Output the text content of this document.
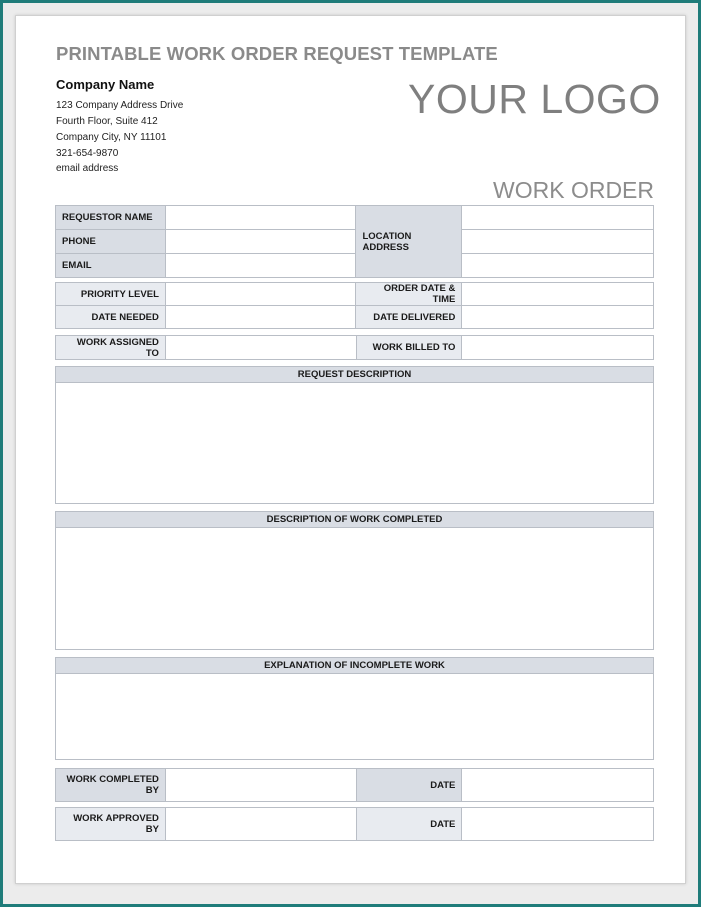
PRINTABLE WORK ORDER REQUEST TEMPLATE
Company Name
123 Company Address Drive
Fourth Floor, Suite 412
Company City, NY 11101
321-654-9870
email address
YOUR LOGO
WORK ORDER
REQUESTOR NAME		LOCATION ADDRESS	
PHONE			
EMAIL			
PRIORITY LEVEL		ORDER DATE & TIME	
DATE NEEDED		DATE DELIVERED	
WORK ASSIGNED TO		WORK BILLED TO	
REQUEST DESCRIPTION
DESCRIPTION OF WORK COMPLETED
EXPLANATION OF INCOMPLETE WORK
WORK COMPLETED BY		DATE	
WORK APPROVED BY		DATE	
